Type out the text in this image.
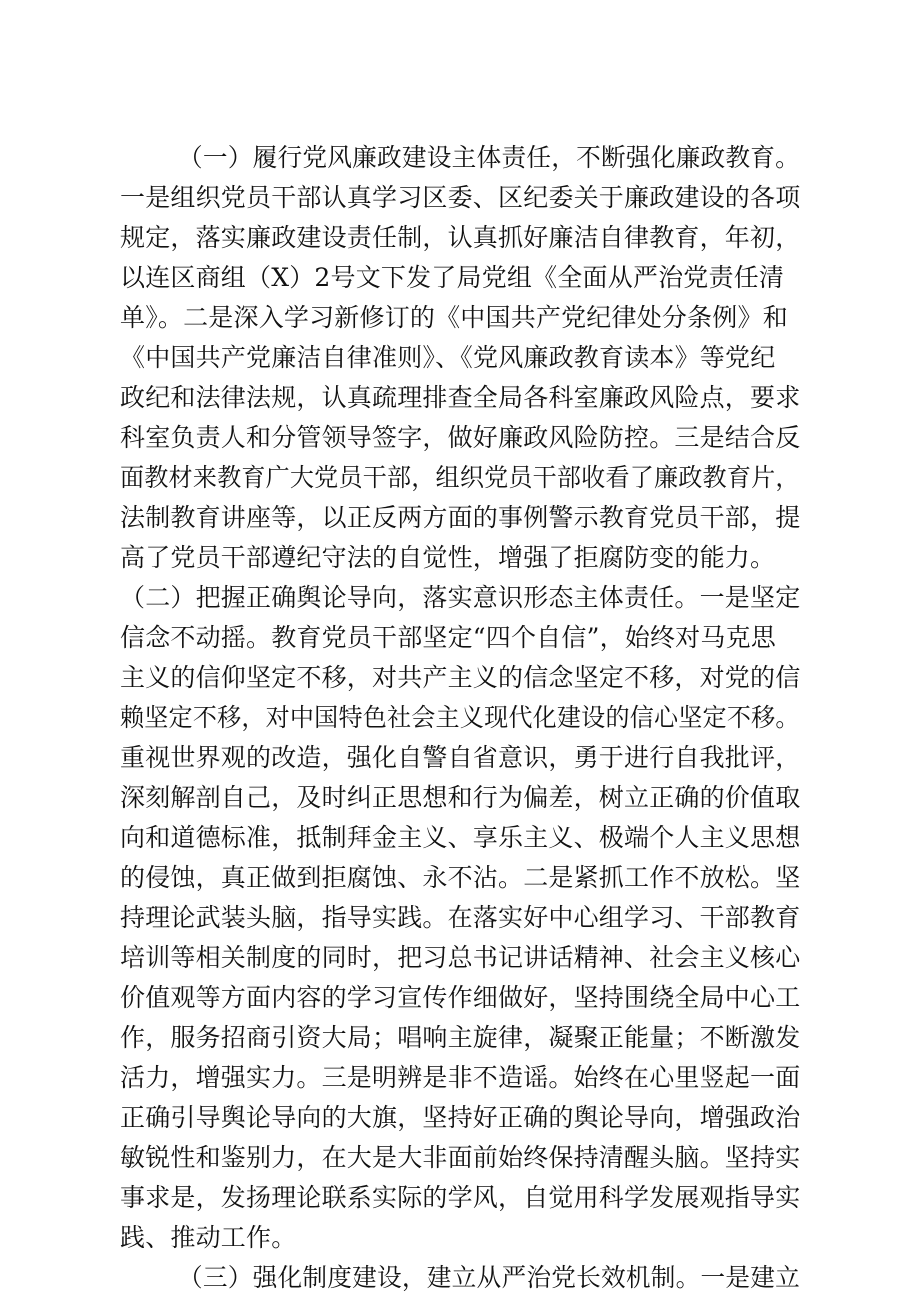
（一）履行党风廉政建设主体责任，不断强化廉政教育。
一是组织党员干部认真学习区委、区纪委关于廉政建设的各项
规定，落实廉政建设责任制，认真抓好廉洁自律教育，年初，
以连区商组（X）2号文下发了局党组《全面从严治党责任清
单》。二是深入学习新修订的《中国共产党纪律处分条例》和
《中国共产党廉洁自律准则》、《党风廉政教育读本》等党纪
政纪和法律法规，认真疏理排查全局各科室廉政风险点，要求
科室负责人和分管领导签字，做好廉政风险防控。三是结合反
面教材来教育广大党员干部，组织党员干部收看了廉政教育片，
法制教育讲座等，以正反两方面的事例警示教育党员干部，提
高了党员干部遵纪守法的自觉性，增强了拒腐防变的能力。
（二）把握正确舆论导向，落实意识形态主体责任。一是坚定
信念不动摇。教育党员干部坚定“四个自信”，始终对马克思
主义的信仰坚定不移，对共产主义的信念坚定不移，对党的信
赖坚定不移，对中国特色社会主义现代化建设的信心坚定不移。
重视世界观的改造，强化自警自省意识，勇于进行自我批评，
深刻解剖自己，及时纠正思想和行为偏差，树立正确的价值取
向和道德标准，抵制拜金主义、享乐主义、极端个人主义思想
的侵蚀，真正做到拒腐蚀、永不沾。二是紧抓工作不放松。坚
持理论武装头脑，指导实践。在落实好中心组学习、干部教育
培训等相关制度的同时，把习总书记讲话精神、社会主义核心
价值观等方面内容的学习宣传作细做好，坚持围绕全局中心工
作，服务招商引资大局；唱响主旋律，凝聚正能量；不断激发
活力，增强实力。三是明辨是非不造谣。始终在心里竖起一面
正确引导舆论导向的大旗，坚持好正确的舆论导向，增强政治
敏锐性和鉴别力，在大是大非面前始终保持清醒头脑。坚持实
事求是，发扬理论联系实际的学风，自觉用科学发展观指导实
践、推动工作。
（三）强化制度建设，建立从严治党长效机制。一是建立
